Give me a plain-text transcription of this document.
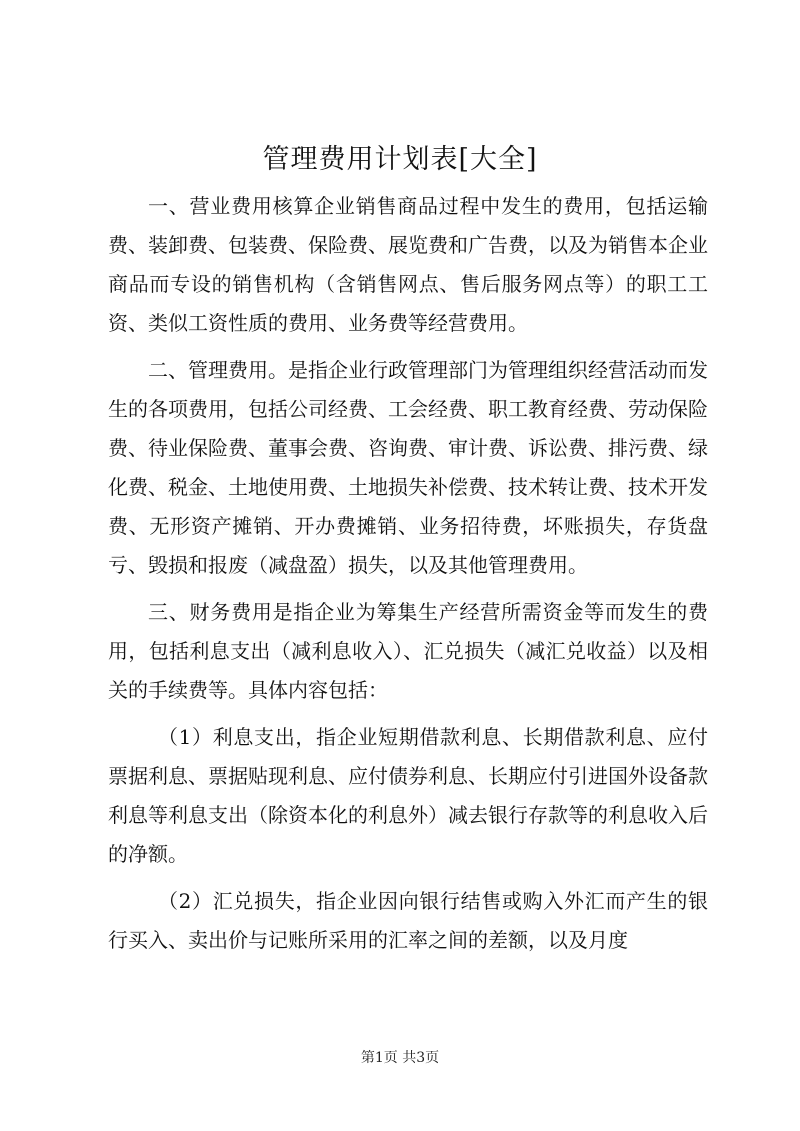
管理费用计划表[大全]

一、营业费用核算企业销售商品过程中发生的费用，包括运输费、装卸费、包装费、保险费、展览费和广告费，以及为销售本企业商品而专设的销售机构（含销售网点、售后服务网点等）的职工工资、类似工资性质的费用、业务费等经营费用。

二、管理费用。是指企业行政管理部门为管理组织经营活动而发生的各项费用，包括公司经费、工会经费、职工教育经费、劳动保险费、待业保险费、董事会费、咨询费、审计费、诉讼费、排污费、绿化费、税金、土地使用费、土地损失补偿费、技术转让费、技术开发费、无形资产摊销、开办费摊销、业务招待费，坏账损失，存货盘亏、毁损和报废（减盘盈）损失，以及其他管理费用。

三、财务费用是指企业为筹集生产经营所需资金等而发生的费用，包括利息支出（减利息收入）、汇兑损失（减汇兑收益）以及相关的手续费等。具体内容包括：

（1）利息支出，指企业短期借款利息、长期借款利息、应付票据利息、票据贴现利息、应付债券利息、长期应付引进国外设备款利息等利息支出（除资本化的利息外）减去银行存款等的利息收入后的净额。

（2）汇兑损失，指企业因向银行结售或购入外汇而产生的银行买入、卖出价与记账所采用的汇率之间的差额，以及月度

第1页 共3页
